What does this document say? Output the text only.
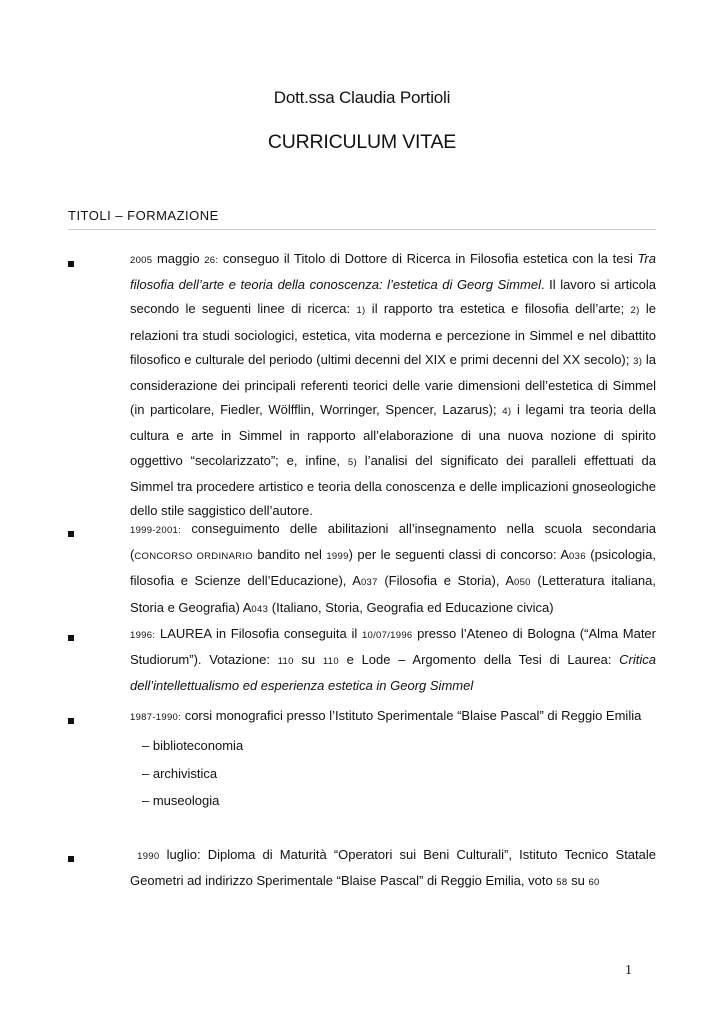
Dott.ssa Claudia Portioli
CURRICULUM VITAE
TITOLI – FORMAZIONE
2005 maggio 26: conseguo il Titolo di Dottore di Ricerca in Filosofia estetica con la tesi Tra filosofia dell’arte e teoria della conoscenza: l’estetica di Georg Simmel. Il lavoro si articola secondo le seguenti linee di ricerca: 1) il rapporto tra estetica e filosofia dell’arte; 2) le relazioni tra studi sociologici, estetica, vita moderna e percezione in Simmel e nel dibattito filosofico e culturale del periodo (ultimi decenni del XIX e primi decenni del XX secolo); 3) la considerazione dei principali referenti teorici delle varie dimensioni dell’estetica di Simmel (in particolare, Fiedler, Wölfflin, Worringer, Spencer, Lazarus); 4) i legami tra teoria della cultura e arte in Simmel in rapporto all’elaborazione di una nuova nozione di spirito oggettivo “secolarizzato”; e, infine, 5) l’analisi del significato dei paralleli effettuati da Simmel tra procedere artistico e teoria della conoscenza e delle implicazioni gnoseologiche dello stile saggistico dell’autore.
1999-2001: conseguimento delle abilitazioni all’insegnamento nella scuola secondaria (CONCORSO ORDINARIO bandito nel 1999) per le seguenti classi di concorso: A036 (psicologia, filosofia e Scienze dell’Educazione), A037 (Filosofia e Storia), A050 (Letteratura italiana, Storia e Geografia) A043 (Italiano, Storia, Geografia ed Educazione civica)
1996: LAUREA in Filosofia conseguita il 10/07/1996 presso l’Ateneo di Bologna (“Alma Mater Studiorum”). Votazione: 110 su 110 e Lode – Argomento della Tesi di Laurea: Critica dell’intellettualismo ed esperienza estetica in Georg Simmel
1987-1990: corsi monografici presso l’Istituto Sperimentale “Blaise Pascal” di Reggio Emilia
– biblioteconomia
– archivistica
– museologia
1990 luglio: Diploma di Maturità “Operatori sui Beni Culturali”, Istituto Tecnico Statale Geometri ad indirizzo Sperimentale “Blaise Pascal” di Reggio Emilia, voto 58 su 60
1
